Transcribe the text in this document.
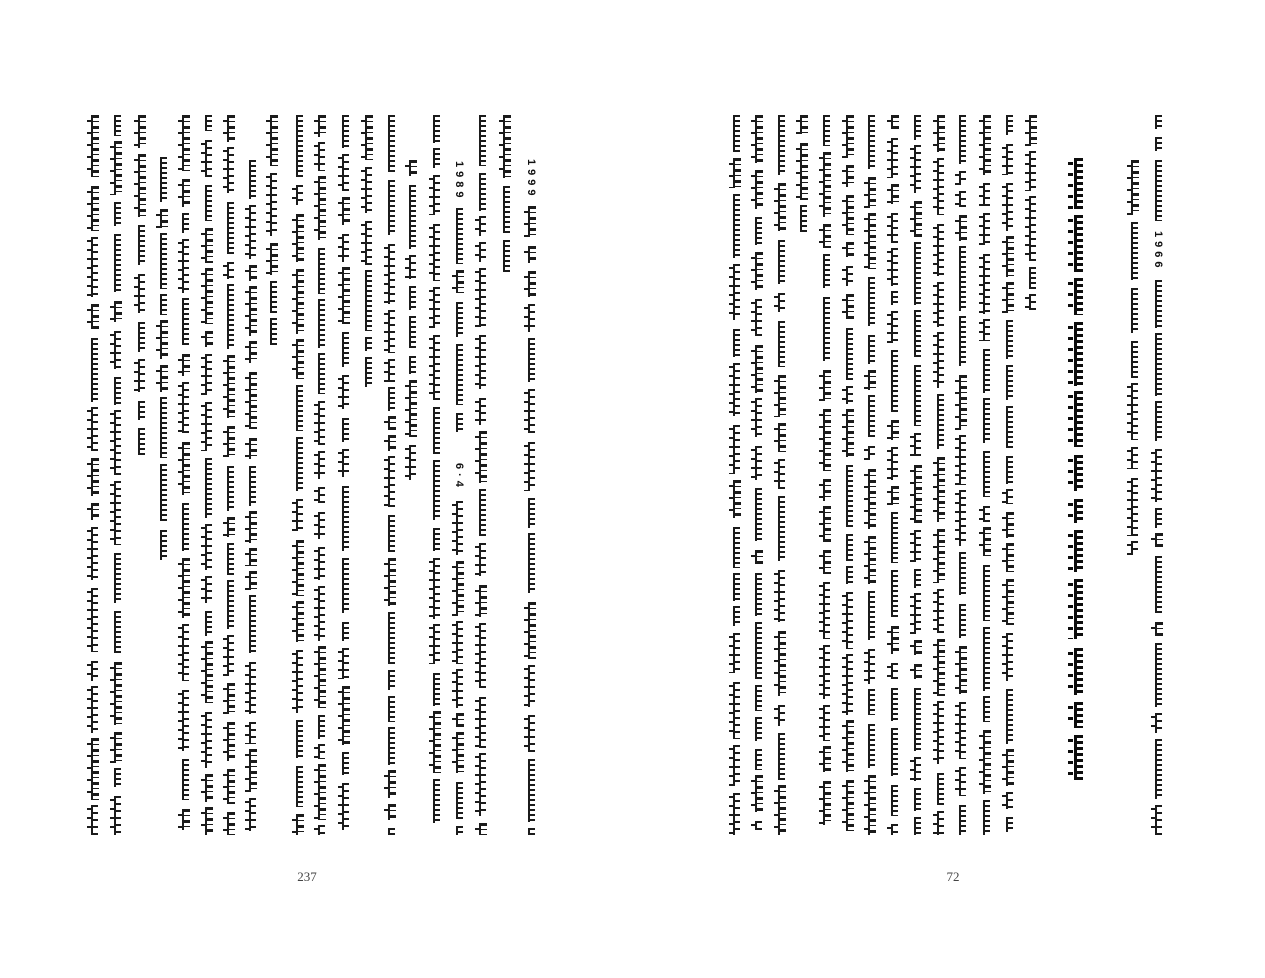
1999
1989
6·4
237
1966
72
